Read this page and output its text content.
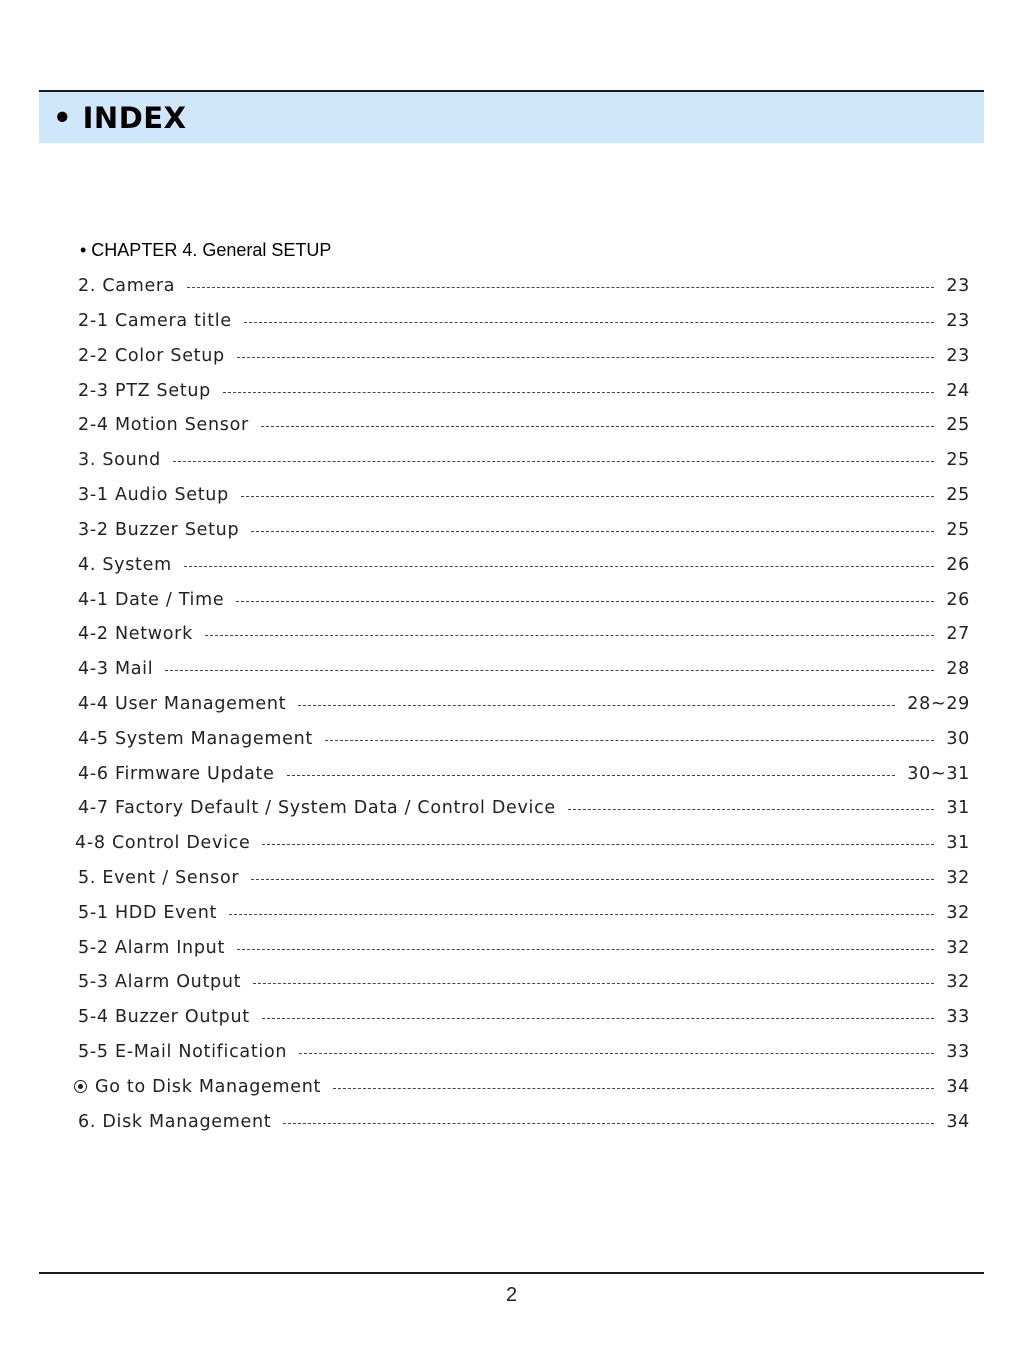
• INDEX
• CHAPTER 4. General SETUP
2. Camera	23
2-1 Camera title	23
2-2 Color Setup	23
2-3 PTZ Setup	24
2-4 Motion Sensor	25
3. Sound	25
3-1 Audio Setup	25
3-2 Buzzer Setup	25
4. System	26
4-1 Date / Time	26
4-2 Network	27
4-3 Mail	28
4-4 User Management	28~29
4-5 System Management	30
4-6 Firmware Update	30~31
4-7 Factory Default / System Data / Control Device	31
4-8 Control Device	31
5. Event / Sensor	32
5-1 HDD Event	32
5-2 Alarm Input	32
5-3 Alarm Output	32
5-4 Buzzer Output	33
5-5 E-Mail Notification	33
Go to Disk Management	34
6. Disk Management	34
2
